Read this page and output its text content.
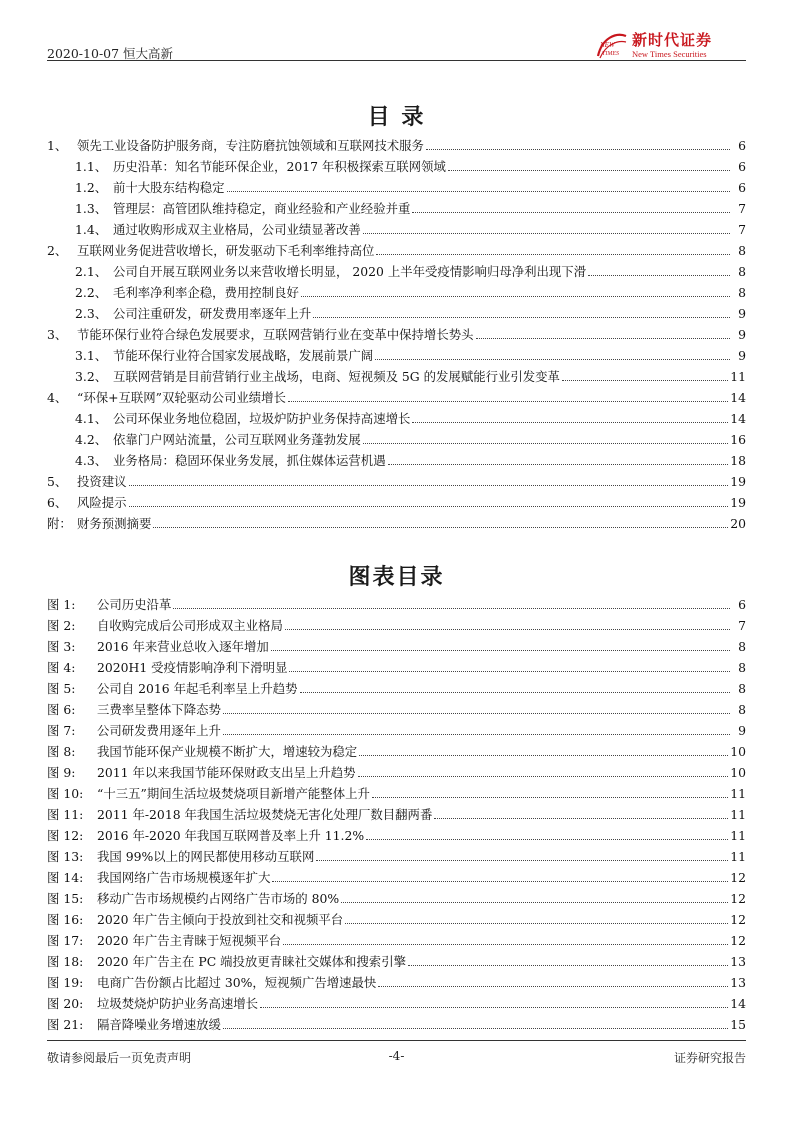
2020-10-07 恒大高新
NEW
TIMES
新时代证券
New Times Securities
目 录
1、 领先工业设备防护服务商，专注防磨抗蚀领域和互联网技术服务	6
1.1、 历史沿革：知名节能环保企业，2017 年积极探索互联网领域	6
1.2、 前十大股东结构稳定	6
1.3、 管理层：高管团队维持稳定，商业经验和产业经验并重	7
1.4、 通过收购形成双主业格局，公司业绩显著改善	7
2、 互联网业务促进营收增长，研发驱动下毛利率维持高位	8
2.1、 公司自开展互联网业务以来营收增长明显， 2020 上半年受疫情影响归母净利出现下滑	8
2.2、 毛利率净利率企稳，费用控制良好	8
2.3、 公司注重研发，研发费用率逐年上升	9
3、 节能环保行业符合绿色发展要求，互联网营销行业在变革中保持增长势头	9
3.1、 节能环保行业符合国家发展战略，发展前景广阔	9
3.2、 互联网营销是目前营销行业主战场，电商、短视频及 5G 的发展赋能行业引发变革	11
4、 “环保+互联网”双轮驱动公司业绩增长	14
4.1、 公司环保业务地位稳固，垃圾炉防护业务保持高速增长	14
4.2、 依靠门户网站流量，公司互联网业务蓬勃发展	16
4.3、 业务格局：稳固环保业务发展，抓住媒体运营机遇	18
5、 投资建议	19
6、 风险提示	19
附： 财务预测摘要	20
图表目录
图 1:	公司历史沿革	6
图 2:	自收购完成后公司形成双主业格局	7
图 3:	2016 年来营业总收入逐年增加	8
图 4:	2020H1 受疫情影响净利下滑明显	8
图 5:	公司自 2016 年起毛利率呈上升趋势	8
图 6:	三费率呈整体下降态势	8
图 7:	公司研发费用逐年上升	9
图 8:	我国节能环保产业规模不断扩大，增速较为稳定	10
图 9:	2011 年以来我国节能环保财政支出呈上升趋势	10
图 10:	“十三五”期间生活垃圾焚烧项目新增产能整体上升	11
图 11:	2011 年-2018 年我国生活垃圾焚烧无害化处理厂数目翻两番	11
图 12:	2016 年-2020 年我国互联网普及率上升 11.2%	11
图 13:	我国 99%以上的网民都使用移动互联网	11
图 14:	我国网络广告市场规模逐年扩大	12
图 15:	移动广告市场规模约占网络广告市场的 80%	12
图 16:	2020 年广告主倾向于投放到社交和视频平台	12
图 17:	2020 年广告主青睐于短视频平台	12
图 18:	2020 年广告主在 PC 端投放更青睐社交媒体和搜索引擎	13
图 19:	电商广告份额占比超过 30%，短视频广告增速最快	13
图 20:	垃圾焚烧炉防护业务高速增长	14
图 21:	隔音降噪业务增速放缓	15
敬请参阅最后一页免责声明	-4-	证券研究报告
